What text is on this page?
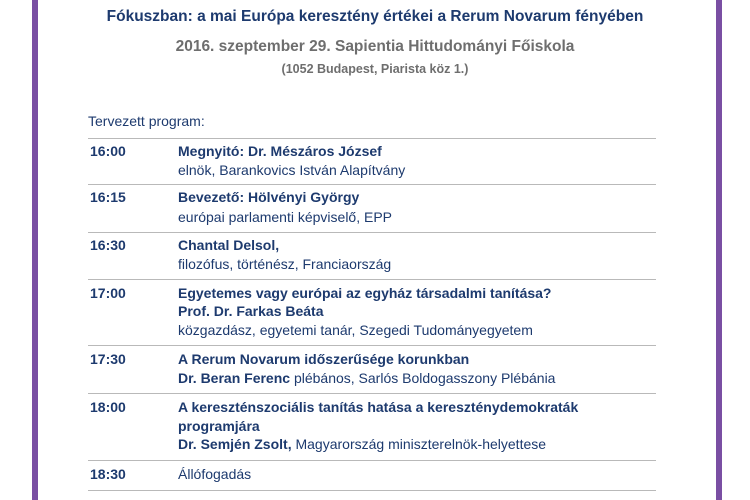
Fókuszban: a mai Európa keresztény értékei a Rerum Novarum fényében
2016. szeptember 29. Sapientia Hittudományi Főiskola
(1052 Budapest, Piarista köz 1.)
Tervezett program:
16:00	Megnyitó: Dr. Mészáros József
elnök, Barankovics István Alapítvány
16:15	Bevezető: Hölvényi György
európai parlamenti képviselő, EPP
16:30	Chantal Delsol,
filozófus, történész, Franciaország
17:00	Egyetemes vagy európai az egyház társadalmi tanítása?
Prof. Dr. Farkas Beáta
közgazdász, egyetemi tanár, Szegedi Tudományegyetem
17:30	A Rerum Novarum időszerűsége korunkban
Dr. Beran Ferenc plébános, Sarlós Boldogasszony Plébánia
18:00	A kereszténszociális tanítás hatása a kereszténydemokraták
programjára
Dr. Semjén Zsolt, Magyarország miniszterelnök-helyettese
18:30	Állófogadás
